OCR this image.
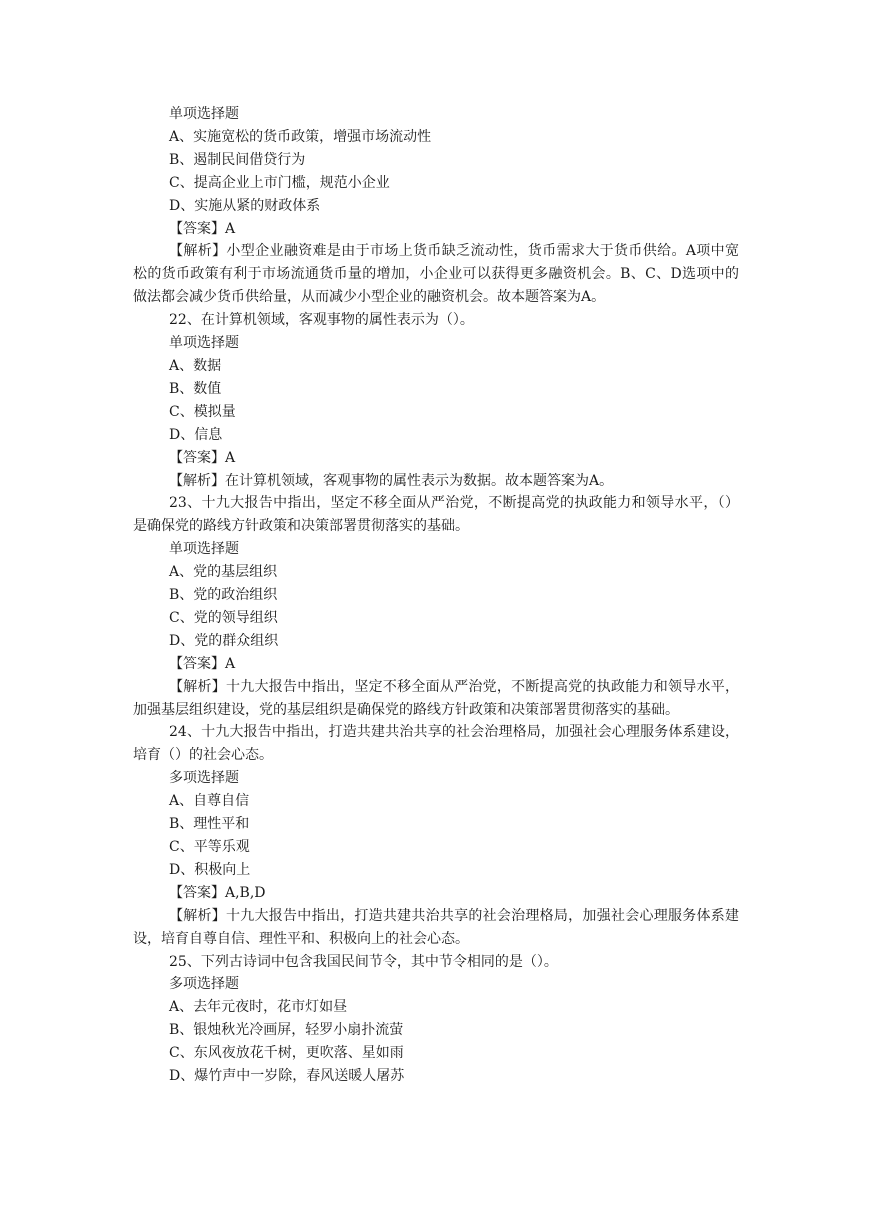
单项选择题
A、实施宽松的货币政策，增强市场流动性
B、遏制民间借贷行为
C、提高企业上市门槛，规范小企业
D、实施从紧的财政体系
【答案】A

【解析】小型企业融资难是由于市场上货币缺乏流动性，货币需求大于货币供给。A项中宽松的货币政策有利于市场流通货币量的增加，小企业可以获得更多融资机会。B、C、D选项中的做法都会减少货币供给量，从而减少小型企业的融资机会。故本题答案为A。

22、在计算机领域，客观事物的属性表示为（）。

单项选择题
A、数据
B、数值
C、模拟量
D、信息
【答案】A

【解析】在计算机领域，客观事物的属性表示为数据。故本题答案为A。

23、十九大报告中指出，坚定不移全面从严治党，不断提高党的执政能力和领导水平，（）是确保党的路线方针政策和决策部署贯彻落实的基础。

单项选择题
A、党的基层组织
B、党的政治组织
C、党的领导组织
D、党的群众组织
【答案】A

【解析】十九大报告中指出，坚定不移全面从严治党，不断提高党的执政能力和领导水平，加强基层组织建设，党的基层组织是确保党的路线方针政策和决策部署贯彻落实的基础。

24、十九大报告中指出，打造共建共治共享的社会治理格局，加强社会心理服务体系建设，培育（）的社会心态。

多项选择题
A、自尊自信
B、理性平和
C、平等乐观
D、积极向上
【答案】A,B,D

【解析】十九大报告中指出，打造共建共治共享的社会治理格局，加强社会心理服务体系建设，培育自尊自信、理性平和、积极向上的社会心态。

25、下列古诗词中包含我国民间节令，其中节令相同的是（）。

多项选择题
A、去年元夜时，花市灯如昼
B、银烛秋光冷画屏，轻罗小扇扑流萤
C、东风夜放花千树，更吹落、星如雨
D、爆竹声中一岁除，春风送暖人屠苏
